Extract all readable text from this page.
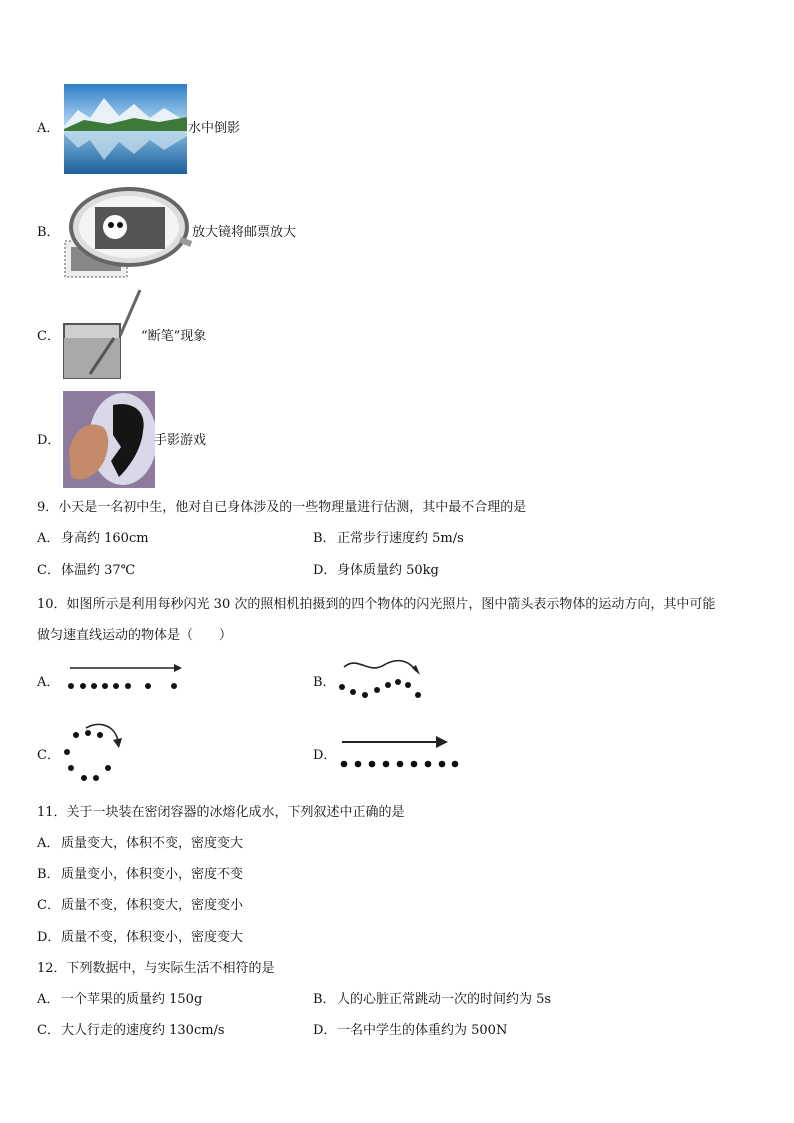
A．	水中倒影
B．	放大镜将邮票放大
C．	“断笔”现象
D．	手影游戏
9．小天是一名初中生，他对自已身体涉及的一些物理量进行估测，其中最不合理的是
A． 身高约 160cm	B． 正常步行速度约 5m/s
C． 体温约 37℃	D． 身体质量约 50kg
10．如图所示是利用每秒闪光 30 次的照相机拍摄到的四个物体的闪光照片，图中箭头表示物体的运动方向，其中可能
做匀速直线运动的物体是（　　）
A．	B．
C．	D．
11．关于一块装在密闭容器的冰熔化成水，下列叙述中正确的是
A． 质量变大，体积不变，密度变大
B． 质量变小，体积变小，密度不变
C． 质量不变，体积变大，密度变小
D． 质量不变，体积变小，密度变大
12．下列数据中，与实际生活不相符的是
A． 一个苹果的质量约 150g	B． 人的心脏正常跳动一次的时间约为 5s
C． 大人行走的速度约 130cm/s	D． 一名中学生的体重约为 500N
